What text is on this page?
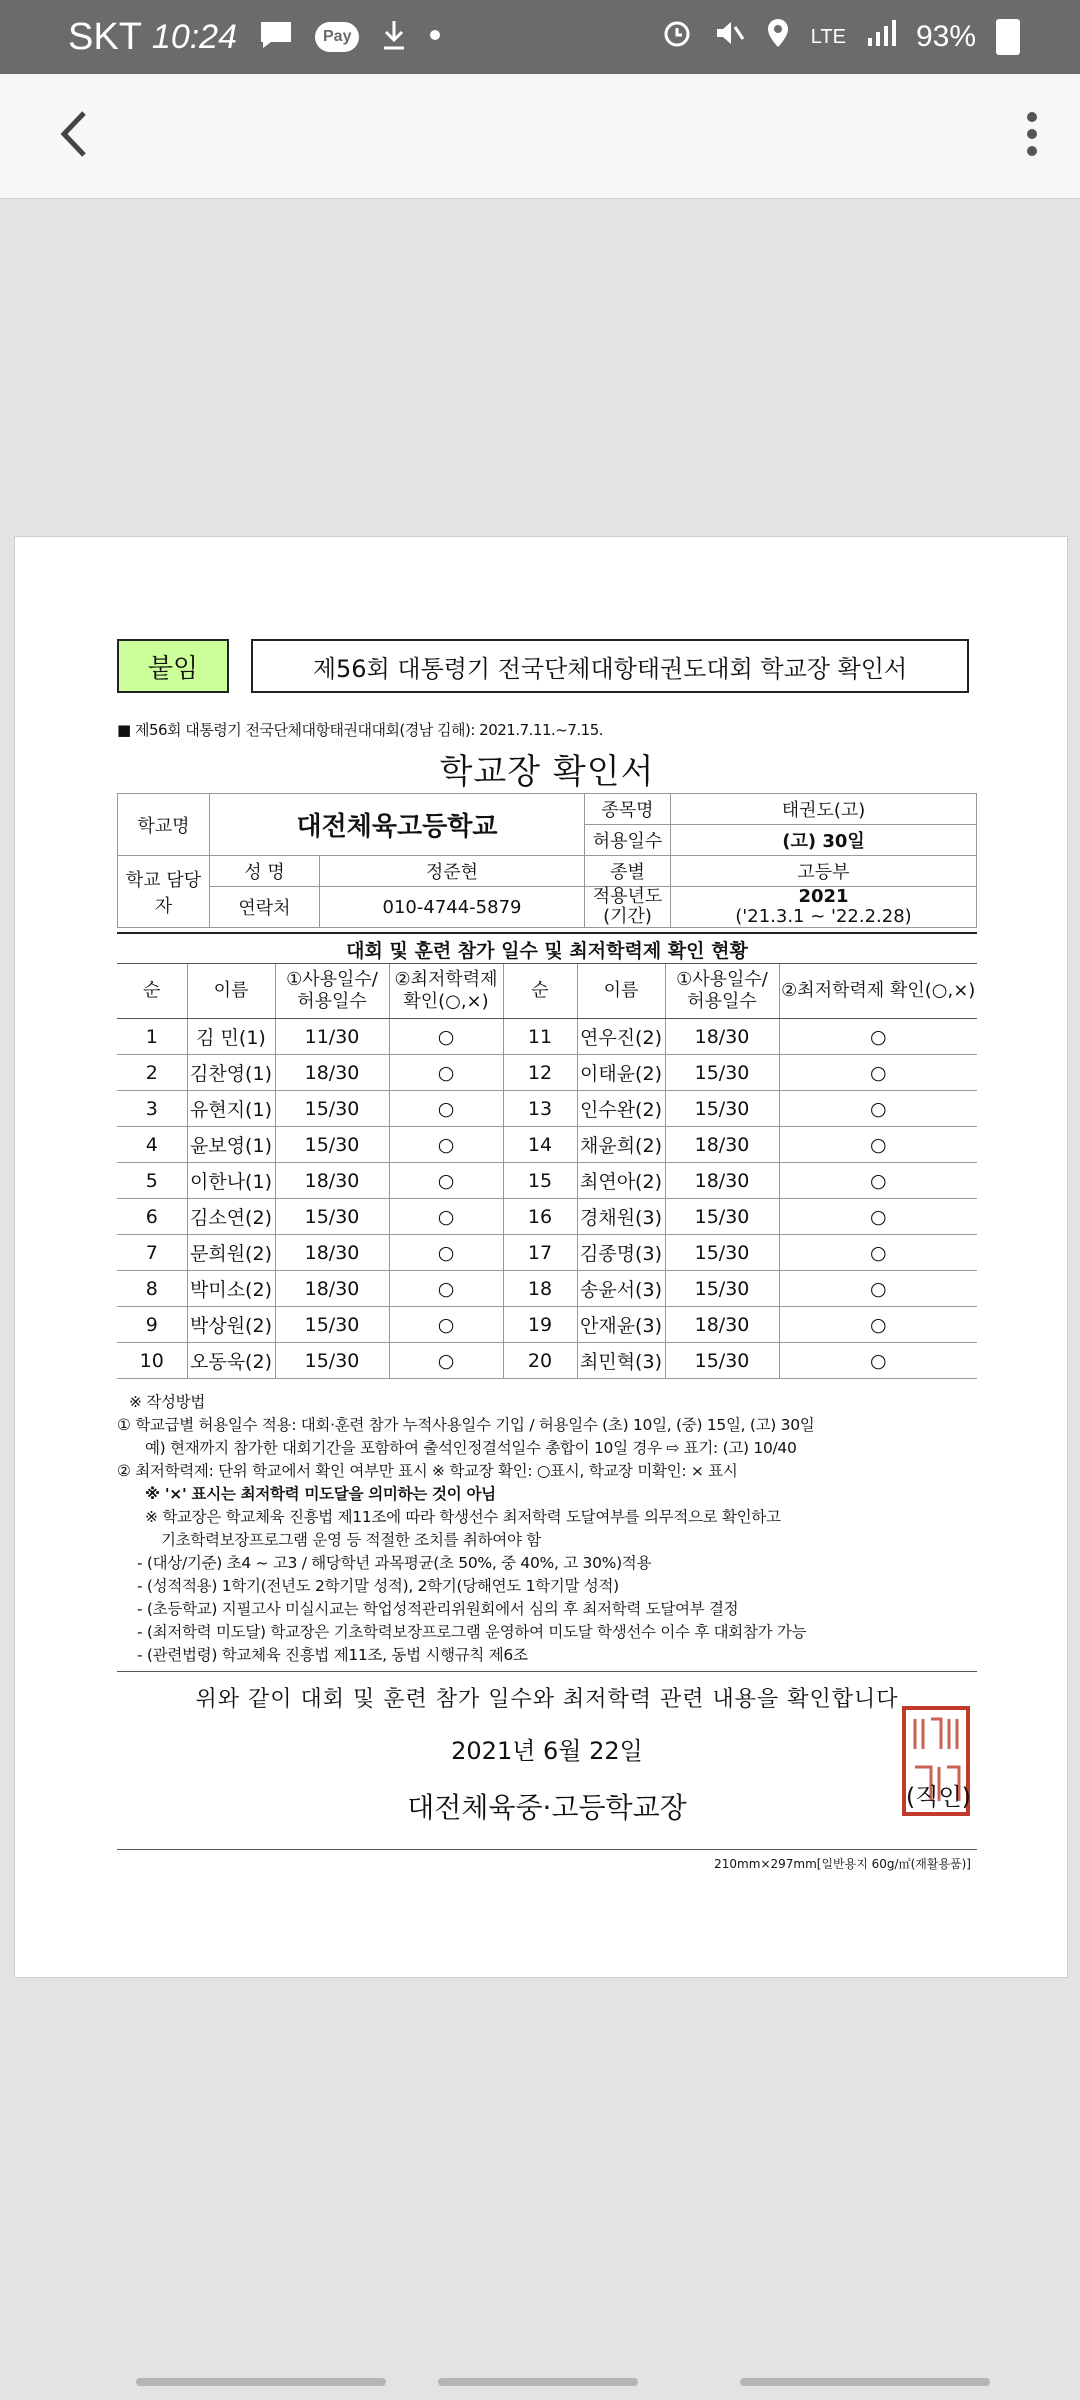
SKT 10:24	Pay	LTE 93%
붙임	제56회 대통령기 전국단체대항태권도대회 학교장 확인서
■ 제56회 대통령기 전국단체대항태권대대회(경남 김해): 2021.7.11.~7.15.
학교장 확인서
학교명	대전체육고등학교		종목명	태권도(고)
			허용일수	(고) 30일
학교 담당자	성 명	정준현	종별	고등부
	연락처	010-4744-5879	적용년도 (기간)	2021
('21.3.1 ~ '22.2.28)
대회 및 훈련 참가 일수 및 최저학력제 확인 현황
순	이름	①사용일수/ 허용일수	②최저학력제 확인(○,×)	순	이름	①사용일수/ 허용일수	②최저학력제 확인(○,×)
1	김 민(1)	11/30	○	11	연우진(2)	18/30	○
2	김찬영(1)	18/30	○	12	이태윤(2)	15/30	○
3	유현지(1)	15/30	○	13	인수완(2)	15/30	○
4	윤보영(1)	15/30	○	14	채윤희(2)	18/30	○
5	이한나(1)	18/30	○	15	최연아(2)	18/30	○
6	김소연(2)	15/30	○	16	경채원(3)	15/30	○
7	문희원(2)	18/30	○	17	김종명(3)	15/30	○
8	박미소(2)	18/30	○	18	송윤서(3)	15/30	○
9	박상원(2)	15/30	○	19	안재윤(3)	18/30	○
10	오동욱(2)	15/30	○	20	최민혁(3)	15/30	○
※ 작성방법
① 학교급별 허용일수 적용: 대회·훈련 참가 누적사용일수 기입 / 허용일수 (초) 10일, (중) 15일, (고) 30일
예) 현재까지 참가한 대회기간을 포함하여 출석인정결석일수 총합이 10일 경우 ⇨ 표기: (고) 10/40
② 최저학력제: 단위 학교에서 확인 여부만 표시 ※ 학교장 확인: ○표시, 학교장 미확인: × 표시
※ '×' 표시는 최저학력 미도달을 의미하는 것이 아님
※ 학교장은 학교체육 진흥법 제11조에 따라 학생선수 최저학력 도달여부를 의무적으로 확인하고
기초학력보장프로그램 운영 등 적절한 조치를 취하여야 함
- (대상/기준) 초4 ~ 고3 / 해당학년 과목평균(초 50%, 중 40%, 고 30%)적용
- (성적적용) 1학기(전년도 2학기말 성적), 2학기(당해연도 1학기말 성적)
- (초등학교) 지필고사 미실시교는 학업성적관리위원회에서 심의 후 최저학력 도달여부 결정
- (최저학력 미도달) 학교장은 기초학력보장프로그램 운영하여 미도달 학생선수 이수 후 대회참가 가능
- (관련법령) 학교체육 진흥법 제11조, 동법 시행규칙 제6조
위와 같이 대회 및 훈련 참가 일수와 최저학력 관련 내용을 확인합니다
2021년 6월 22일
대전체육중·고등학교장	(직인)
210mm×297mm[일반용지 60g/㎡(재활용품)]
